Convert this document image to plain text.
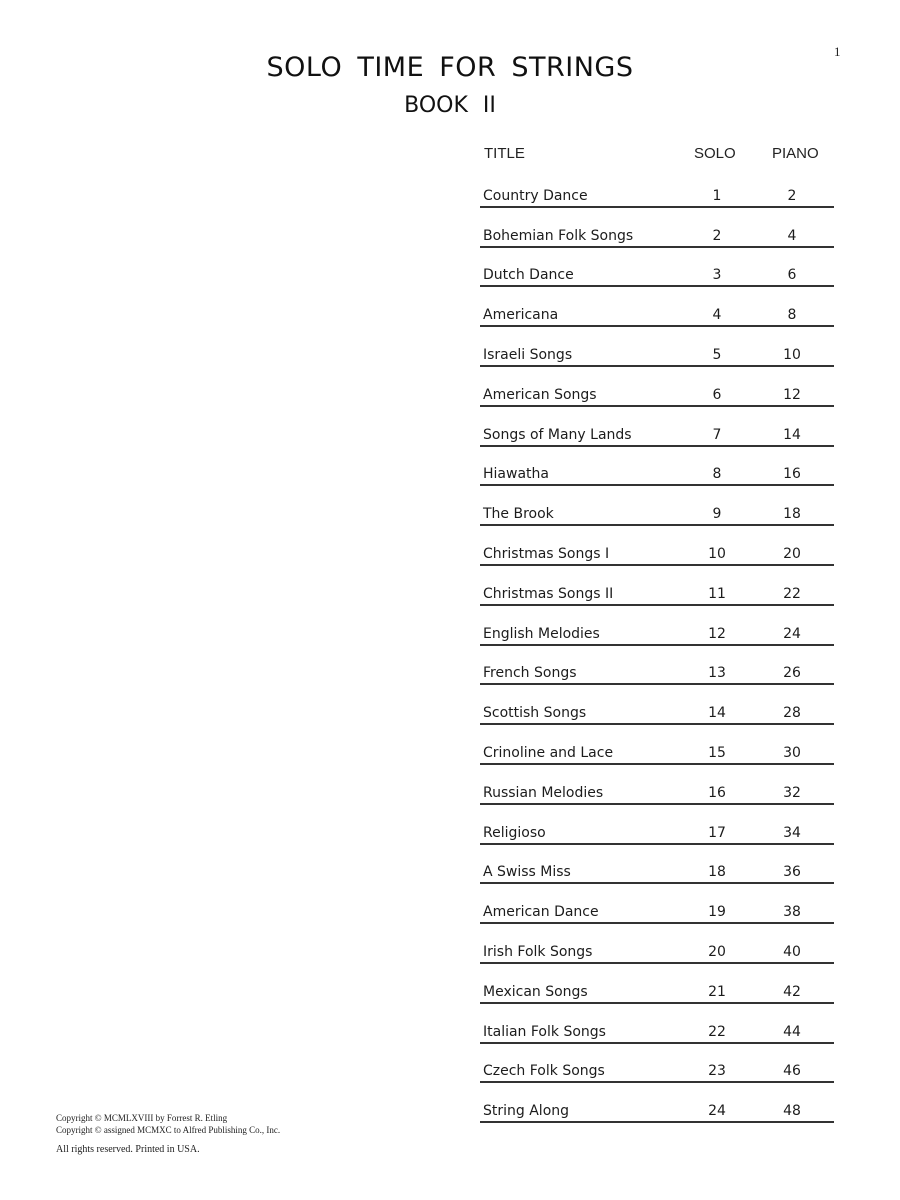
1
SOLO TIME FOR STRINGS
BOOK II
TITLE	SOLO PIANO
Country Dance	1	2
Bohemian Folk Songs	2	4
Dutch Dance	3	6
Americana	4	8
Israeli Songs	5	10
American Songs	6	12
Songs of Many Lands	7	14
Hiawatha	8	16
The Brook	9	18
Christmas Songs I	10	20
Christmas Songs II	11	22
English Melodies	12	24
French Songs	13	26
Scottish Songs	14	28
Crinoline and Lace	15	30
Russian Melodies	16	32
Religioso	17	34
A Swiss Miss	18	36
American Dance	19	38
Irish Folk Songs	20	40
Mexican Songs	21	42
Italian Folk Songs	22	44
Czech Folk Songs	23	46
String Along	24	48
Copyright © MCMLXVIII by Forrest R. Etling
Copyright © assigned MCMXC to Alfred Publishing Co., Inc.
All rights reserved. Printed in USA.
